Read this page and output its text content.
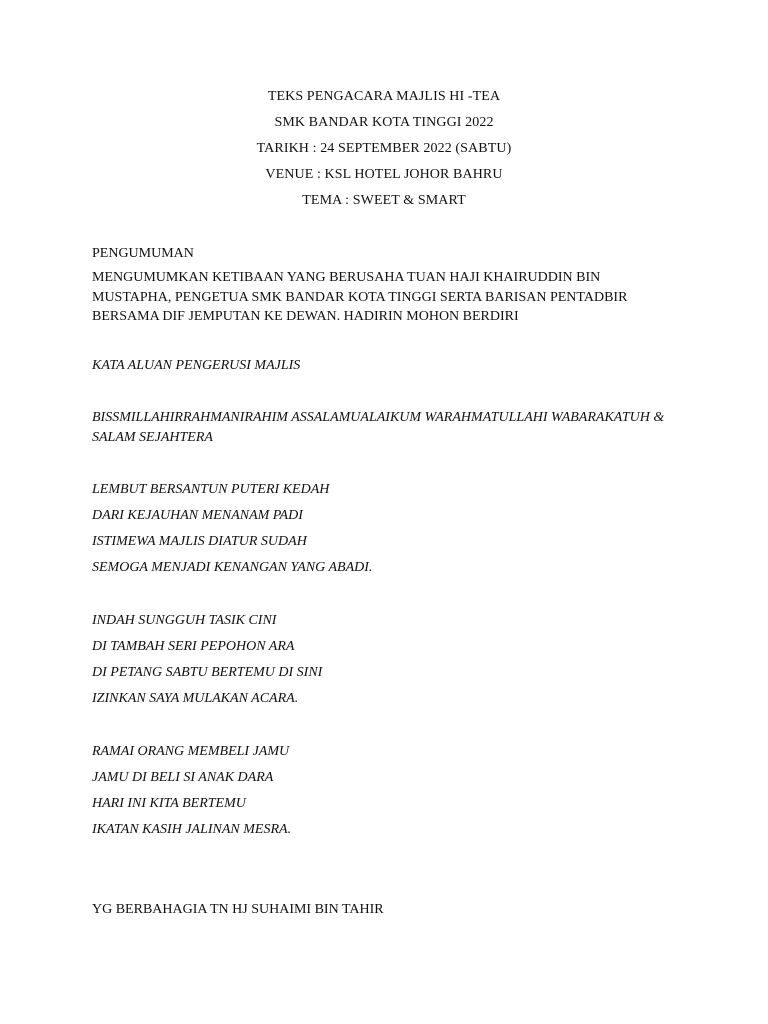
TEKS PENGACARA MAJLIS HI -TEA
SMK BANDAR KOTA TINGGI 2022
TARIKH : 24 SEPTEMBER 2022 (SABTU)
VENUE : KSL HOTEL JOHOR BAHRU
TEMA : SWEET & SMART
PENGUMUMAN
MENGUMUMKAN KETIBAAN YANG BERUSAHA TUAN HAJI KHAIRUDDIN BIN MUSTAPHA, PENGETUA SMK BANDAR KOTA TINGGI SERTA BARISAN PENTADBIR BERSAMA DIF JEMPUTAN KE DEWAN. HADIRIN MOHON BERDIRI
KATA ALUAN PENGERUSI MAJLIS
BISSMILLAHIRRAHMANIRAHIM ASSALAMUALAIKUM WARAHMATULLAHI WABARAKATUH & SALAM SEJAHTERA
LEMBUT BERSANTUN PUTERI KEDAH
DARI KEJAUHAN MENANAM PADI
ISTIMEWA MAJLIS DIATUR SUDAH
SEMOGA MENJADI KENANGAN YANG ABADI.
INDAH SUNGGUH TASIK CINI
DI TAMBAH SERI PEPOHON ARA
DI PETANG SABTU BERTEMU DI SINI
IZINKAN SAYA MULAKAN ACARA.
RAMAI ORANG MEMBELI JAMU
JAMU DI BELI SI ANAK DARA
HARI INI KITA BERTEMU
IKATAN KASIH JALINAN MESRA.
YG BERBAHAGIA TN HJ SUHAIMI BIN TAHIR
